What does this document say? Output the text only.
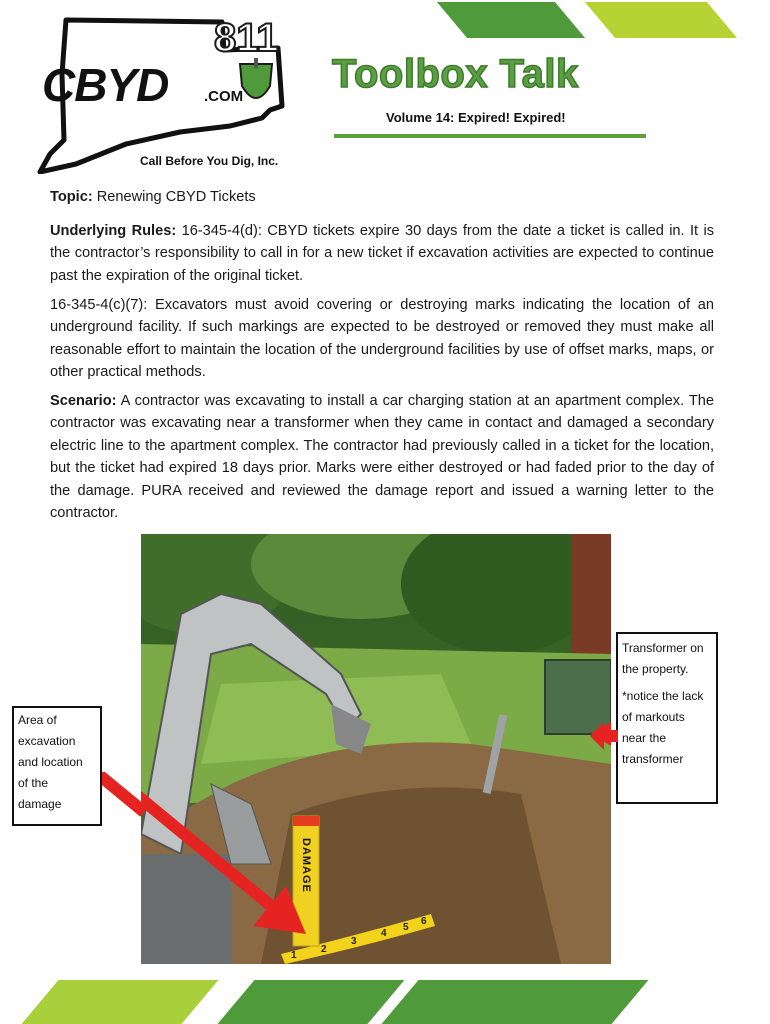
CBYD .COM
811
Call Before You Dig, Inc.
Toolbox Talk
Volume 14: Expired! Expired!
Topic: Renewing CBYD Tickets
Underlying Rules: 16-345-4(d): CBYD tickets expire 30 days from the date a ticket is called in. It is the contractor’s responsibility to call in for a new ticket if excavation activities are expected to continue past the expiration of the original ticket.
16-345-4(c)(7): Excavators must avoid covering or destroying marks indicating the location of an underground facility. If such markings are expected to be destroyed or removed they must make all reasonable effort to maintain the location of the underground facilities by use of offset marks, maps, or other practical methods.
Scenario: A contractor was excavating to install a car charging station at an apartment complex. The contractor was excavating near a transformer when they came in contact and damaged a secondary electric line to the apartment complex. The contractor had previously called in a ticket for the location, but the ticket had expired 18 days prior. Marks were either destroyed or had faded prior to the day of the damage. PURA received and reviewed the damage report and issued a warning letter to the contractor.
1
2
3
4
5
6
DAMAGE
Area of
excavation
and location
of the
damage
Transformer on
the property.
*notice the lack
of markouts
near the
transformer
